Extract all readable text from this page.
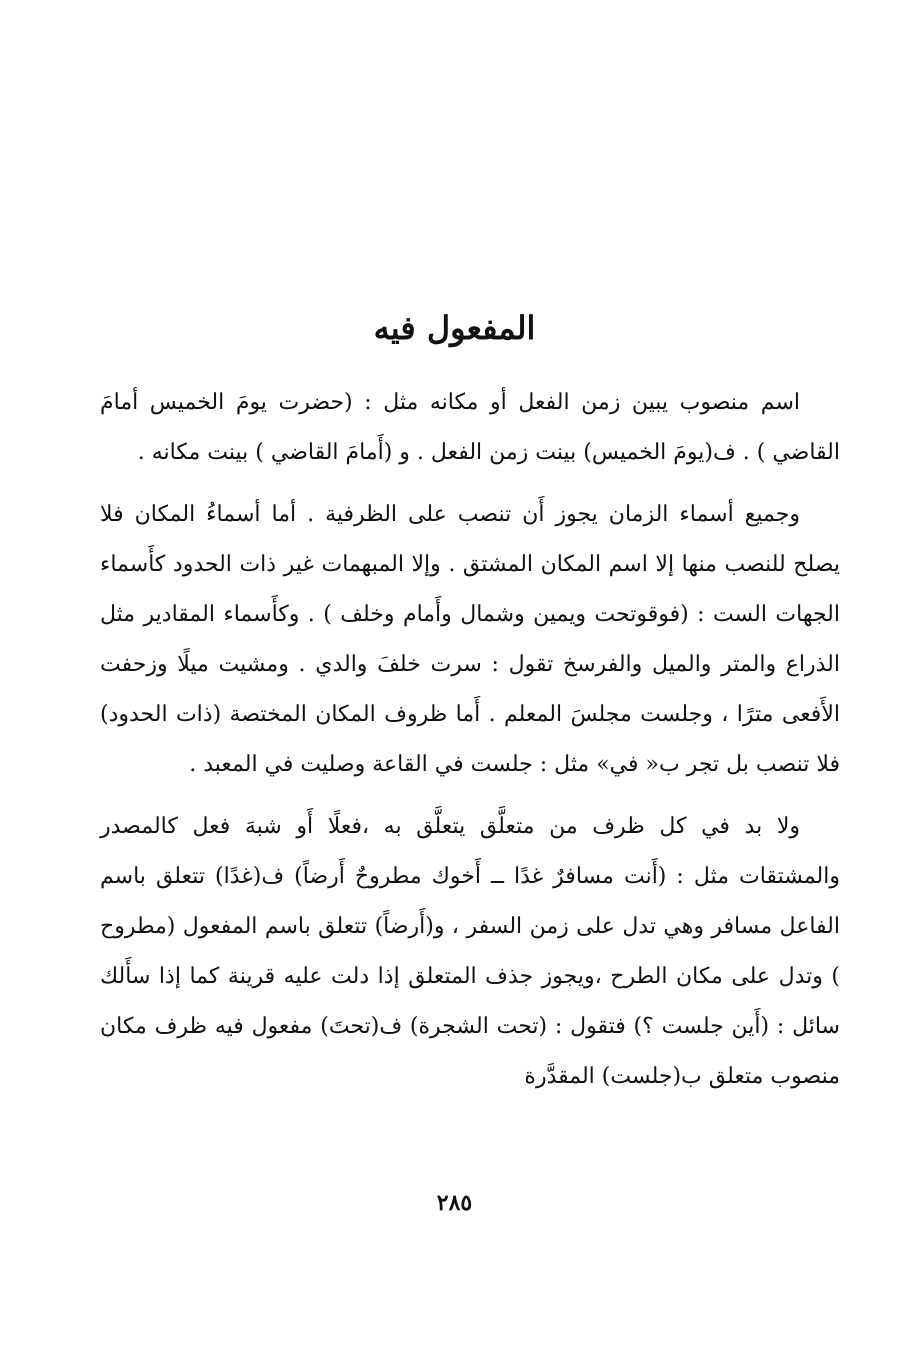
المفعول فيه

اسم منصوب يبين زمن الفعل أو مكانه مثل : (حضرت يومَ الخميس أمامَ القاضي ) . ف(يومَ الخميس) بينت زمن الفعل . و (أَمامَ القاضي ) بينت مكانه .

وجميع أسماء الزمان يجوز أَن تنصب على الظرفية . أما أسماءُ المكان فلا يصلح للنصب منها إلا اسم المكان المشتق . وإلا المبهمات غير ذات الحدود كأَسماء الجهات الست : (فوقوتحت ويمين وشمال وأَمام وخلف ) . وكأَسماء المقادير مثل الذراع والمتر والميل والفرسخ تقول : سرت خلفَ والدي . ومشيت ميلًا وزحفت الأَفعى مترًا ، وجلست مجلسَ المعلم . أَما ظروف المكان المختصة (ذات الحدود) فلا تنصب بل تجر ب« في» مثل : جلست في القاعة وصليت في المعبد .

ولا بد في كل ظرف من متعلَّق يتعلَّق به ،فعلًا أَو شبهَ فعل كالمصدر والمشتقات مثل : (أَنت مسافرٌ غدًا ــ أَخوك مطروحٌ أَرضاً) ف(غدًا) تتعلق باسم الفاعل مسافر وهي تدل على زمن السفر ، و(أَرضاً) تتعلق باسم المفعول (مطروح ) وتدل على مكان الطرح ،ويجوز جذف المتعلق إذا دلت عليه قرينة كما إذا سأَلك سائل : (أَين جلست ؟) فتقول : (تحت الشجرة) ف(تحتَ) مفعول فيه ظرف مكان منصوب متعلق ب(جلست) المقدَّرة

٢٨٥
